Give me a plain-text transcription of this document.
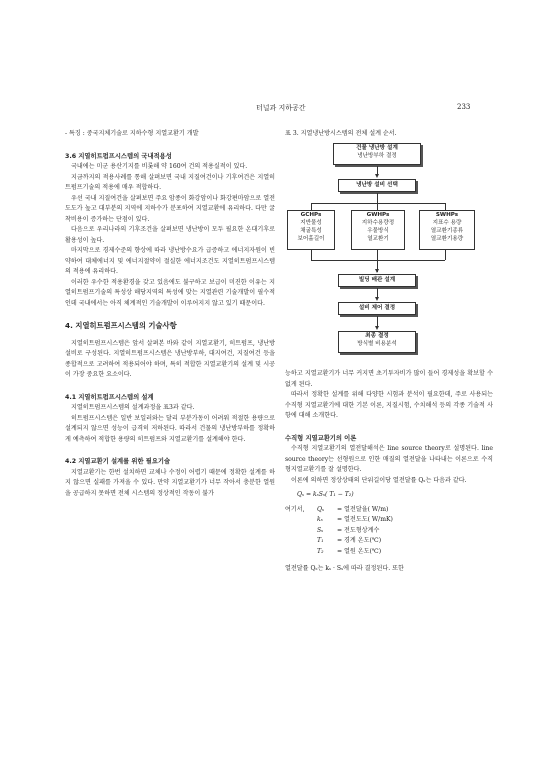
터널과 지하공간	233

- 특징 : 중국지체기술로 지하수형 지열교환기 개발

3.6 지열히트펌프시스템의 국내적용성

국내에는 미군 용산기지를 비롯해 약 160여 건의 적용실적이 있다.

지금까지의 적용사례를 통해 살펴보면 국내 지질여건이나 기후여건은 지열히트펌프기술의 적용에 매우 적합하다.

우선 국내 지질여건을 살펴보면 주요 암종이 화강암이나 화강편마암으로 열전도도가 높고 대부분의 지역에 지하수가 분포하여 지열교환에 유리하다. 다만 굴착비용이 증가하는 단점이 있다.

다음으로 우리나라의 기후조건을 살펴보면 냉난방이 모두 필요한 온대기후로 활용성이 높다.

마지막으로 경제수준의 향상에 따라 냉난방수요가 급증하고 에너지자원이 빈약하여 대체에너지 및 에너지절약이 절실한 에너지조건도 지열히트펌프시스템의 적용에 유리하다.

이러한 우수한 적용환경을 갖고 있음에도 불구하고 보급이 미진한 이유는 지열히트펌프기술의 특성상 해당지역의 특성에 맞는 지열관련 기술개발이 필수적인데 국내에서는 아직 체계적인 기술개발이 이루어지지 않고 있기 때문이다.

4. 지열히트펌프시스템의 기술사항

지열히트펌프시스템은 앞서 살펴본 바와 같이 지열교환기, 히트펌프, 냉난방 설비로 구성된다. 지열히트펌프시스템은 냉난방부하, 대지여건, 지질여건 등을 종합적으로 고려하여 적용되어야 하며, 특히 적합한 지열교환기의 설계 및 시공이 가장 중요한 요소이다.

4.1 지열히트펌프시스템의 설계

지열히트펌프시스템의 설계과정을 표3과 같다.

히트펌프시스템은 일반 보일러와는 달리 부분가동이 어려워 적절한 용량으로 설계되지 않으면 성능이 급격히 저하된다. 따라서 건물의 냉난방부하를 정확하게 예측하여 적합한 용량의 히트펌프와 지열교환기를 설계해야 한다.

4.2 지열교환기 설계를 위한 필요기술

지열교환기는 한번 설치하면 교체나 수정이 어렵기 때문에 정확한 설계를 하지 않으면 실패를 가져올 수 있다. 만약 지열교환기가 너무 작아서 충분한 열원을 공급하지 못하면 전체 시스템의 정상적인 작동이 불가

표 3. 지열냉난방시스템의 전체 설계 순서.
건물 냉난방 설계
냉난방부하 결정
냉난방 설비 선택
GCHPs
지반물성
채굴특성
보어홀길이
GWHPs
지하수용량정
우물방식
열교환기
SWHPs
지표수 용량
열교환기종류
열교환기용량
빌딩 배관 설계
설비 제어 결정
최종 결정
방식별 비용분석

능하고 지열교환기가 너무 커지면 초기투자비가 많이 들어 경제성을 확보할 수 없게 된다.

따라서 정확한 설계를 위해 다양한 시험과 분석이 필요한데, 주로 사용되는 수직형 지열교환기에 대한 기본 이론, 지질시험, 수치해석 등의 각종 기술적 사항에 대해 소개한다.

수직형 지열교환기의 이론

수직형 지열교환기의 열전달해석은 line source theory로 설명된다. line source theory는 선형원으로 인한 매질의 열전달을 나타내는 이론으로 수직형지열교환기를 잘 설명한다.

이론에 의하면 정상상태의 단위길이당 열전달률 Qₛ는 다음과 같다.

Qₛ = kₛSₛ( T₁ − T₂)
여기서, Qₛ = 열전달율( W/m)
kₛ = 열전도도( W/mK)
Sₛ = 전도형상계수
T₁ = 경계 온도(℃)
T₂ = 열원 온도(℃)

열전달률 Qₛ는 kₛ · Sₛ에 따라 결정된다. 또한
